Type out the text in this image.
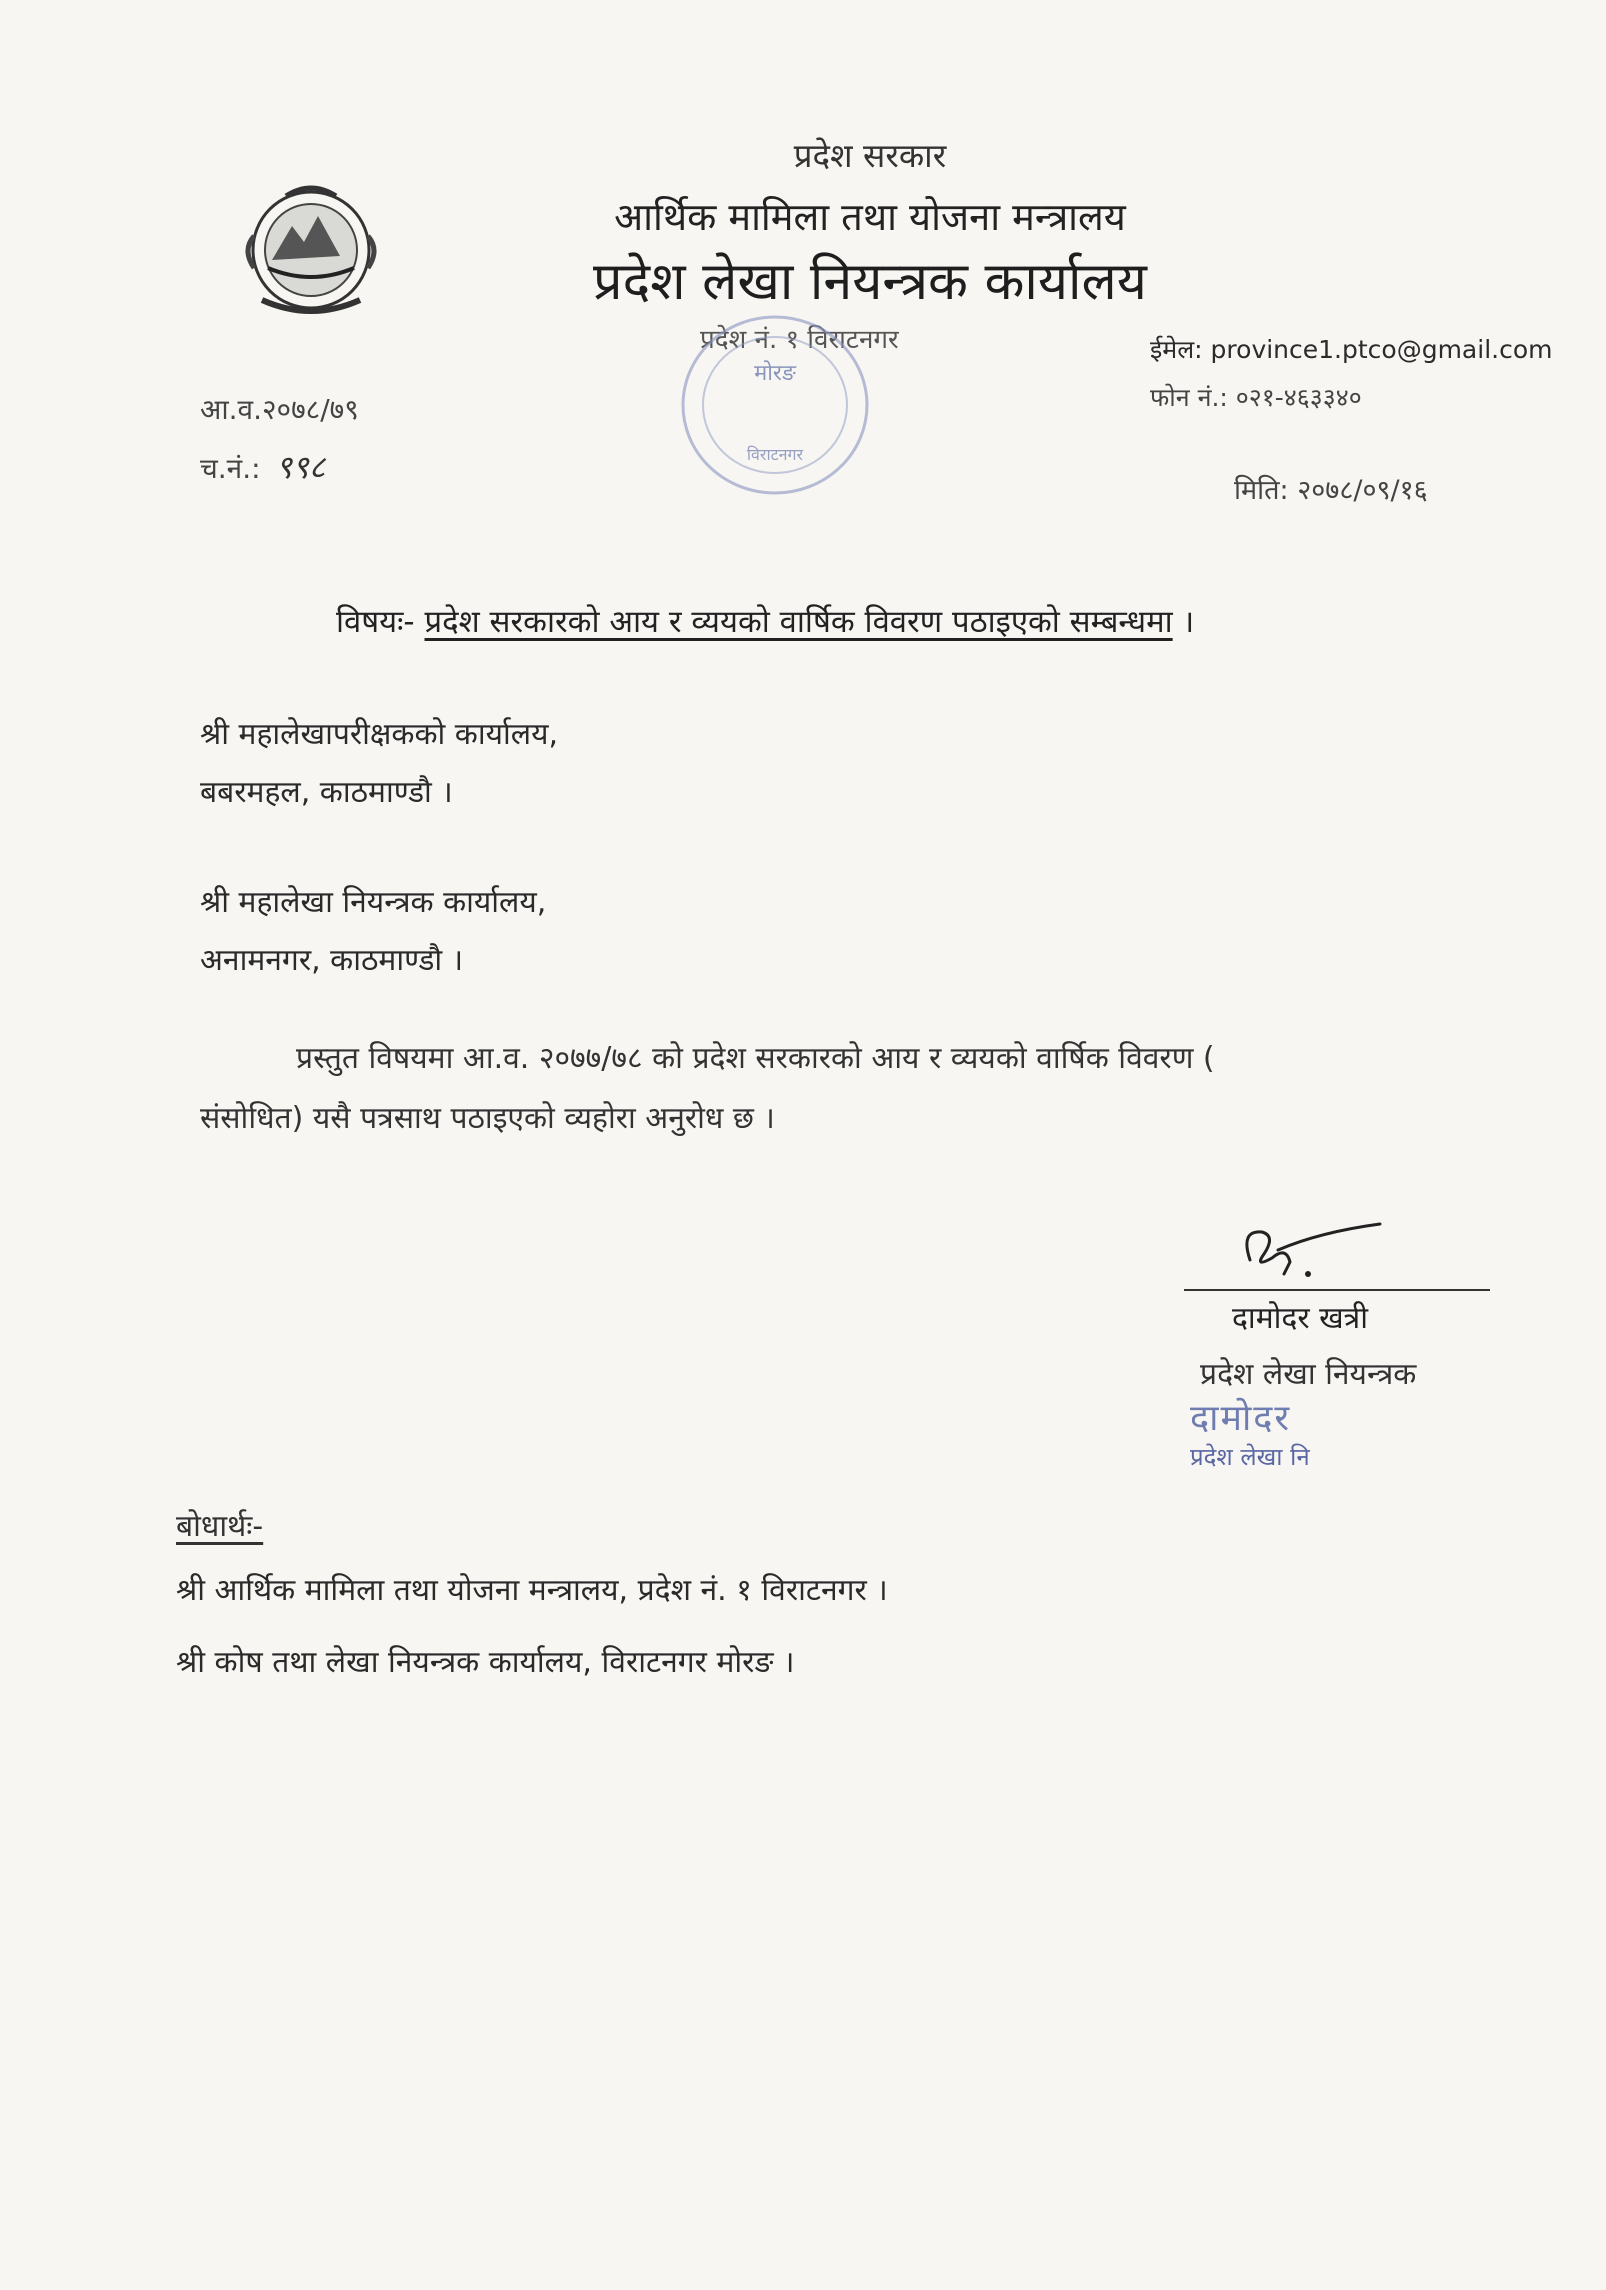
प्रदेश सरकार
आर्थिक मामिला तथा योजना मन्त्रालय
प्रदेश लेखा नियन्त्रक कार्यालय
प्रदेश नं. १ विराटनगर
मोरङ
विराटनगर
ईमेल: province1.ptco@gmail.com
फोन नं.: ०२१-४६३३४०
आ.व.२०७८/७९
च.नं.: ९९८
मिति: २०७८/०९/१६
विषयः- प्रदेश सरकारको आय र व्ययको वार्षिक विवरण पठाइएको सम्बन्धमा ।
श्री महालेखापरीक्षकको कार्यालय,
बबरमहल, काठमाण्डौ ।
श्री महालेखा नियन्त्रक कार्यालय,
अनामनगर, काठमाण्डौ ।
प्रस्तुत विषयमा आ.व. २०७७/७८ को प्रदेश सरकारको आय र व्ययको वार्षिक विवरण (
संसोधित) यसै पत्रसाथ पठाइएको व्यहोरा अनुरोध छ ।
दामोदर खत्री
प्रदेश लेखा नियन्त्रक
दामोदर
प्रदेश लेखा नि
बोधार्थः-
श्री आर्थिक मामिला तथा योजना मन्त्रालय, प्रदेश नं. १ विराटनगर ।
श्री कोष तथा लेखा नियन्त्रक कार्यालय, विराटनगर मोरङ ।
